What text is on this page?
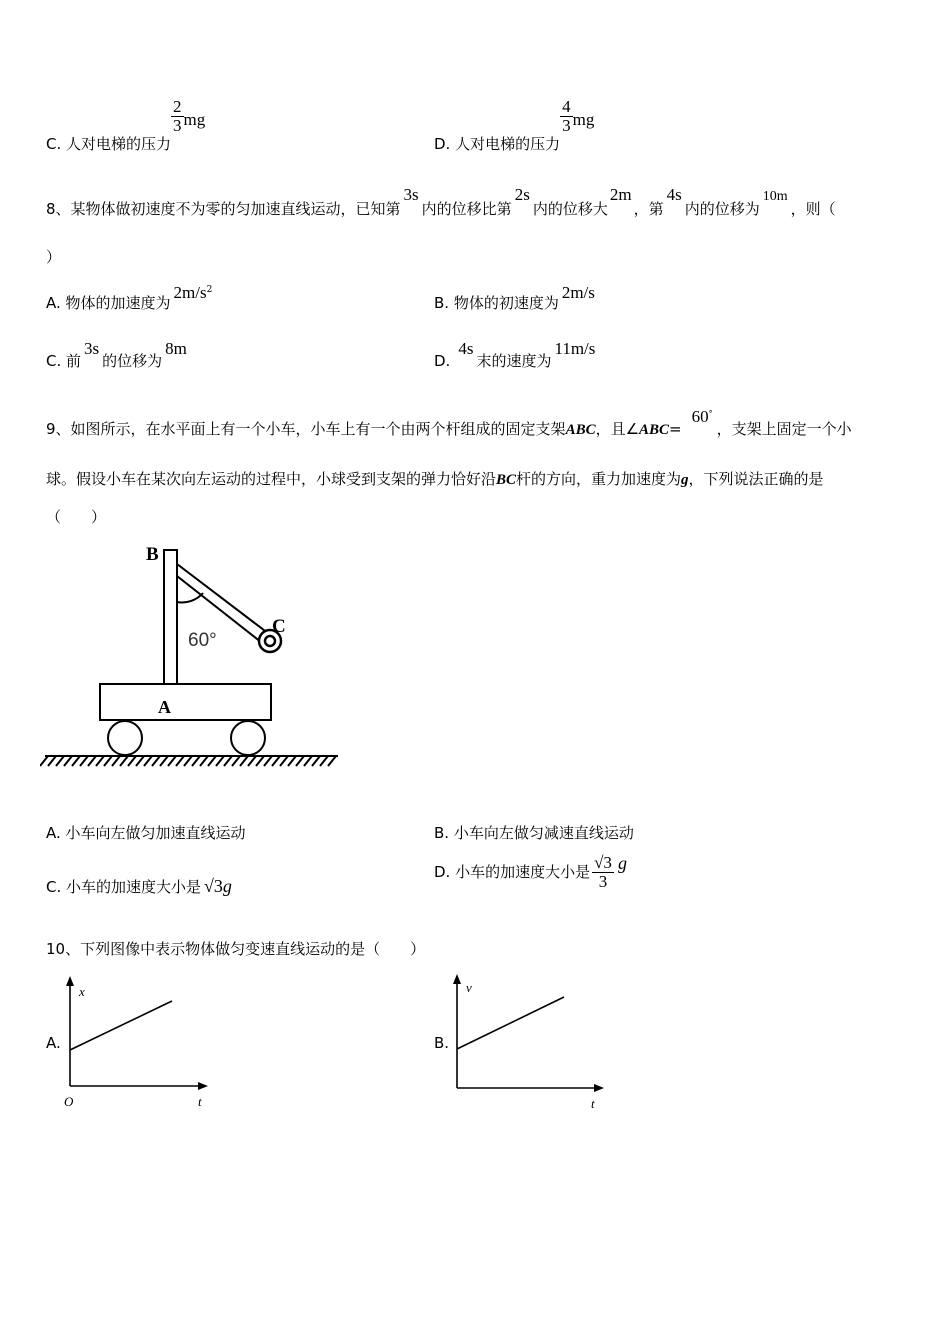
C. 人对电梯的压力
$\frac{2}{3}$ mg
D. 人对电梯的压力
$\frac{4}{3}$ mg
8、某物体做初速度不为零的匀加速直线运动，已知第3s内的位移比第2s内的位移大2m，第4s内的位移为10m，则（
）
A. 物体的加速度为$2m/s^2$
B. 物体的初速度为2m/s
C. 前3s的位移为8m
D.4s末的速度为11m/s
9、如图所示，在水平面上有一个小车，小车上有一个由两个杆组成的固定支架ABC，且∠ABC=60°，支架上固定一个小
球。假设小车在某次向左运动的过程中，小球受到支架的弹力恰好沿BC杆的方向，重力加速度为g，下列说法正确的是
（　　）
B
C
A
60°
A. 小车向左做匀加速直线运动	B. 小车向左做匀减速直线运动
C. 小车的加速度大小是 √3g
D. 小车的加速度大小是 $\frac{√3}{3}$ g
10、下列图像中表示物体做匀变速直线运动的是（　　）
A.
x
t
O
B.
v
t
